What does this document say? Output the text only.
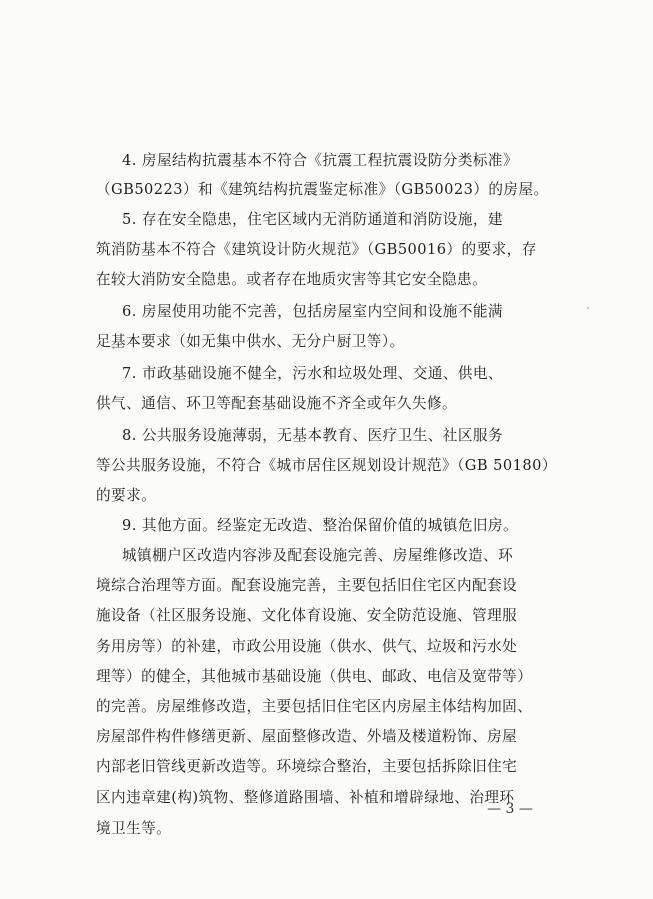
4. 房屋结构抗震基本不符合《抗震工程抗震设防分类标准》
（GB50223）和《建筑结构抗震鉴定标准》（GB50023）的房屋。
5. 存在安全隐患，住宅区域内无消防通道和消防设施，建
筑消防基本不符合《建筑设计防火规范》（GB50016）的要求，存
在较大消防安全隐患。或者存在地质灾害等其它安全隐患。
6. 房屋使用功能不完善，包括房屋室内空间和设施不能满
足基本要求（如无集中供水、无分户厨卫等）。
7. 市政基础设施不健全，污水和垃圾处理、交通、供电、
供气、通信、环卫等配套基础设施不齐全或年久失修。
8. 公共服务设施薄弱，无基本教育、医疗卫生、社区服务
等公共服务设施，不符合《城市居住区规划设计规范》（GB 50180）
的要求。
9. 其他方面。经鉴定无改造、整治保留价值的城镇危旧房。
城镇棚户区改造内容涉及配套设施完善、房屋维修改造、环
境综合治理等方面。配套设施完善，主要包括旧住宅区内配套设
施设备（社区服务设施、文化体育设施、安全防范设施、管理服
务用房等）的补建，市政公用设施（供水、供气、垃圾和污水处
理等）的健全，其他城市基础设施（供电、邮政、电信及宽带等）
的完善。房屋维修改造，主要包括旧住宅区内房屋主体结构加固、
房屋部件构件修缮更新、屋面整修改造、外墙及楼道粉饰、房屋
内部老旧管线更新改造等。环境综合整治，主要包括拆除旧住宅
区内违章建(构)筑物、整修道路围墙、补植和增辟绿地、治理环
境卫生等。
— 3 —
